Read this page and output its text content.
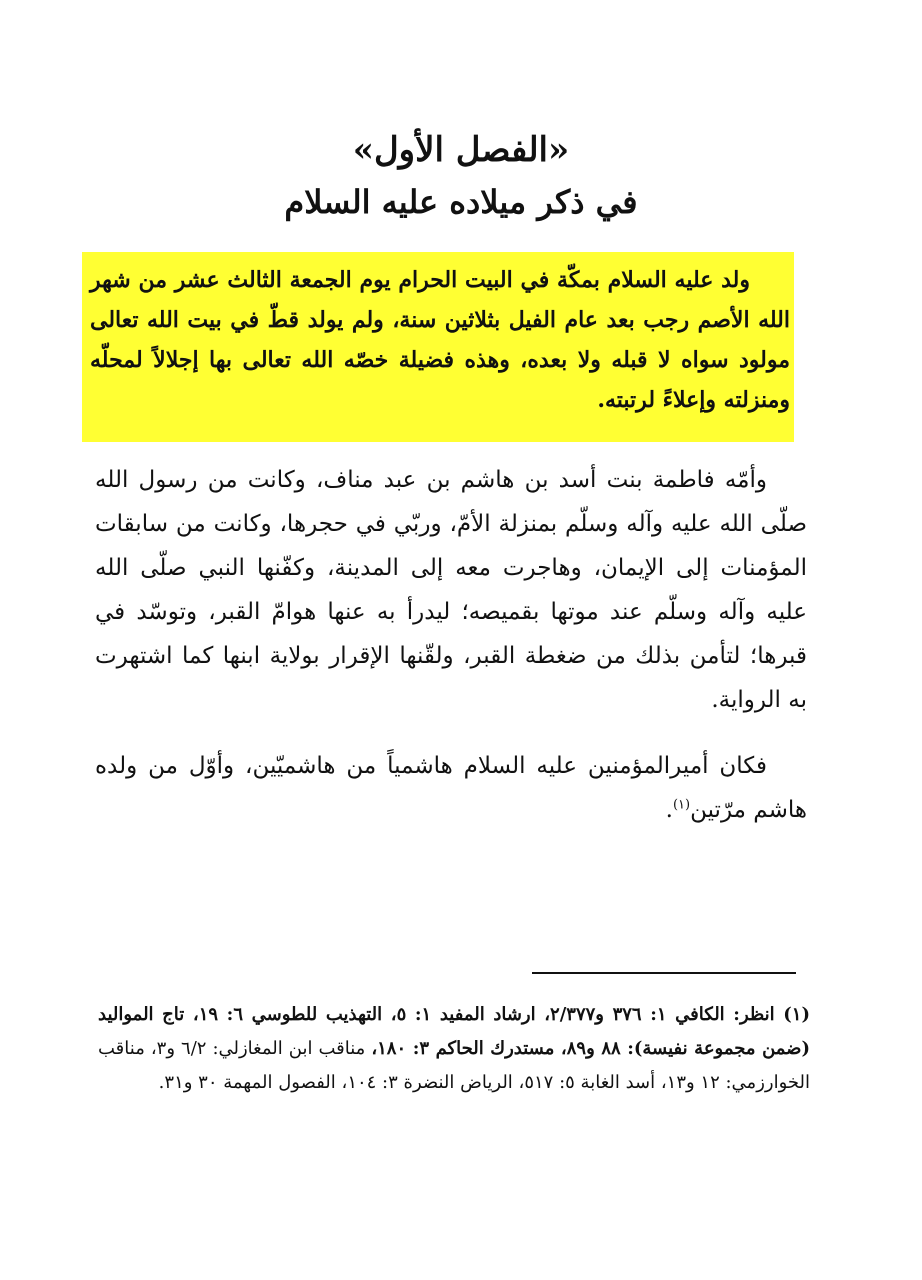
«الفصل الأول»
في ذكر ميلاده عليه السلام

ولد عليه السلام بمكّة في البيت الحرام يوم الجمعة الثالث عشر من شهر الله الأصم رجب بعد عام الفيل بثلاثين سنة، ولم يولد قطّ في بيت الله تعالى مولود سواه لا قبله ولا بعده، وهذه فضيلة خصّه الله تعالى بها إجلالاً لمحلّه ومنزلته وإعلاءً لرتبته.

وأمّه فاطمة بنت أسد بن هاشم بن عبد مناف، وكانت من رسول الله صلّى الله عليه وآله وسلّم بمنزلة الأمّ، وربّي في حجرها، وكانت من سابقات المؤمنات إلى الإيمان، وهاجرت معه إلى المدينة، وكفّنها النبي صلّى الله عليه وآله وسلّم عند موتها بقميصه؛ ليدرأ به عنها هوامّ القبر، وتوسّد في قبرها؛ لتأمن بذلك من ضغطة القبر، ولقّنها الإقرار بولاية ابنها كما اشتهرت به الرواية.

فكان أميرالمؤمنين عليه السلام هاشمياً من هاشميّين، وأوّل من ولده هاشم مرّتين$^{(١)}$.

(١) انظر: الكافي ١: ٣٧٦ و٢/٣٧٧، ارشاد المفيد ١: ٥، التهذيب للطوسي ٦: ١٩، تاج المواليد (ضمن مجموعة نفيسة): ٨٨ و٨٩، مستدرك الحاكم ٣: ١٨٠، مناقب ابن المغازلي: ٦/٢ و٣، مناقب الخوارزمي: ١٢ و١٣، أسد الغابة ٥: ٥١٧، الرياض النضرة ٣: ١٠٤، الفصول المهمة ٣٠ و٣١.
